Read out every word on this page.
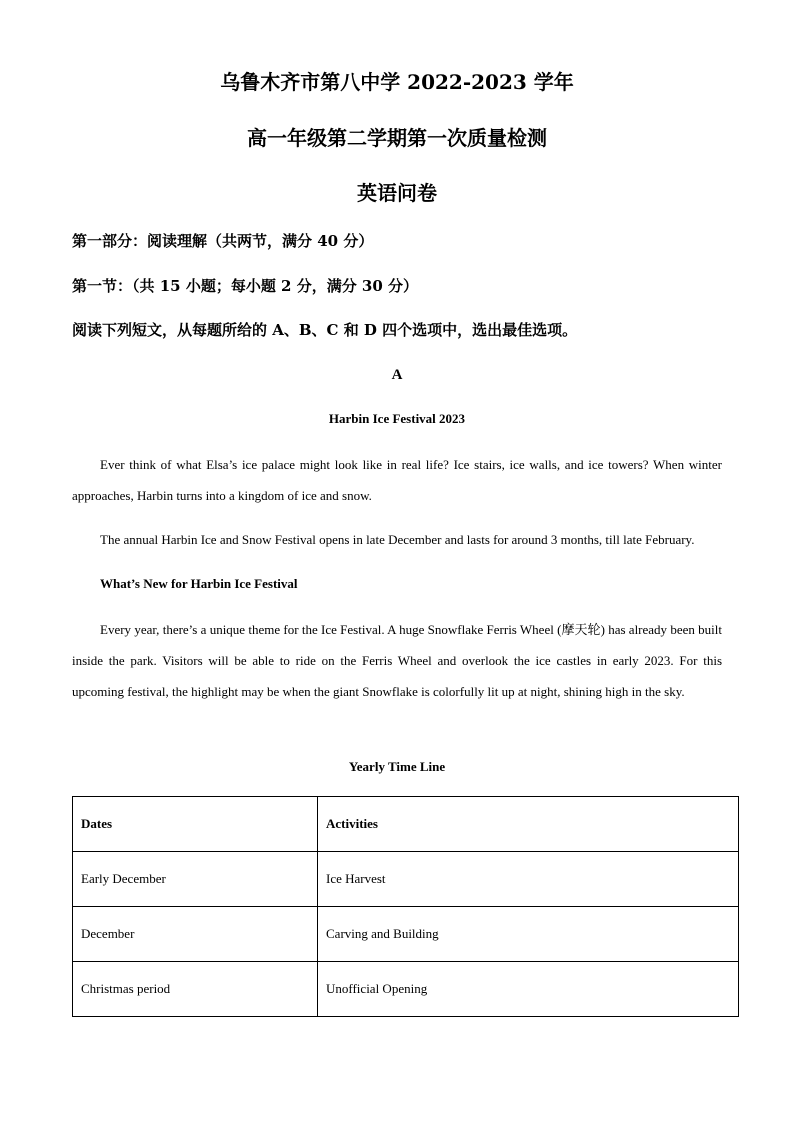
乌鲁木齐市第八中学 2022-2023 学年
高一年级第二学期第一次质量检测
英语问卷
第一部分：阅读理解（共两节，满分 40 分）
第一节：（共 15 小题；每小题 2 分，满分 30 分）
阅读下列短文，从每题所给的 A、B、C 和 D 四个选项中，选出最佳选项。
A
Harbin Ice Festival 2023
Ever think of what Elsa’s ice palace might look like in real life? Ice stairs, ice walls, and ice towers? When winter approaches, Harbin turns into a kingdom of ice and snow.
The annual Harbin Ice and Snow Festival opens in late December and lasts for around 3 months, till late February.
What’s New for Harbin Ice Festival
Every year, there’s a unique theme for the Ice Festival. A huge Snowflake Ferris Wheel (摩天轮) has already been built inside the park. Visitors will be able to ride on the Ferris Wheel and overlook the ice castles in early 2023. For this upcoming festival, the highlight may be when the giant Snowflake is colorfully lit up at night, shining high in the sky.
Yearly Time Line
Dates	Activities
Early December	Ice Harvest
December	Carving and Building
Christmas period	Unofficial Opening
